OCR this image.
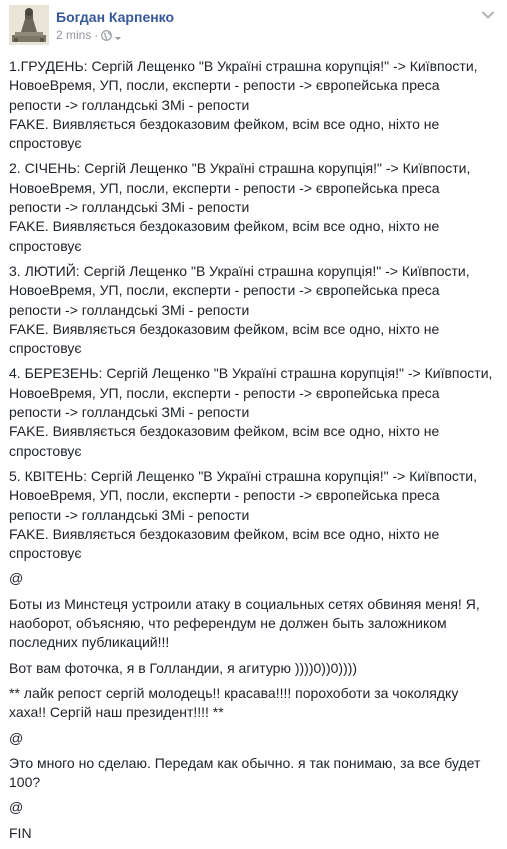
Богдан Карпенко
2 mins ·
1.ГРУДЕНЬ: Сергій Лещенко "В Україні страшна корупція!" -> Київпости,
НовоеВремя, УП, посли, експерти - репости -> європейська преса
репости -> голландські ЗМі - репости
FAKE. Виявляється бездоказовим фейком, всім все одно, ніхто не
спростовує
2. СІЧЕНЬ: Сергій Лещенко "В Україні страшна корупція!" -> Київпости,
НовоеВремя, УП, посли, експерти - репости -> європейська преса
репости -> голландські ЗМі - репости
FAKE. Виявляється бездоказовим фейком, всім все одно, ніхто не
спростовує
3. ЛЮТИЙ: Сергій Лещенко "В Україні страшна корупція!" -> Київпости,
НовоеВремя, УП, посли, експерти - репости -> європейська преса
репости -> голландські ЗМі - репости
FAKE. Виявляється бездоказовим фейком, всім все одно, ніхто не
спростовує
4. БЕРЕЗЕНЬ: Сергій Лещенко "В Україні страшна корупція!" -> Київпости,
НовоеВремя, УП, посли, експерти - репости -> європейська преса
репости -> голландські ЗМі - репости
FAKE. Виявляється бездоказовим фейком, всім все одно, ніхто не
спростовує
5. КВІТЕНЬ: Сергій Лещенко "В Україні страшна корупція!" -> Київпости,
НовоеВремя, УП, посли, експерти - репости -> європейська преса
репости -> голландські ЗМі - репости
FAKE. Виявляється бездоказовим фейком, всім все одно, ніхто не
спростовує
@
Боты из Минстеця устроили атаку в социальных сетях обвиняя меня! Я,
наоборот, объясняю, что референдум не должен быть заложником
последних публикаций!!!
Вот вам фоточка, я в Голландии, я агитурю ))))0))0))))
** лайк репост сергій молодець!! красава!!!! порохоботи за чоколядку
хаха!! Сергій наш президент!!!! **
@
Это много но сделаю. Передам как обычно. я так понимаю, за все будет
100?
@
FIN
